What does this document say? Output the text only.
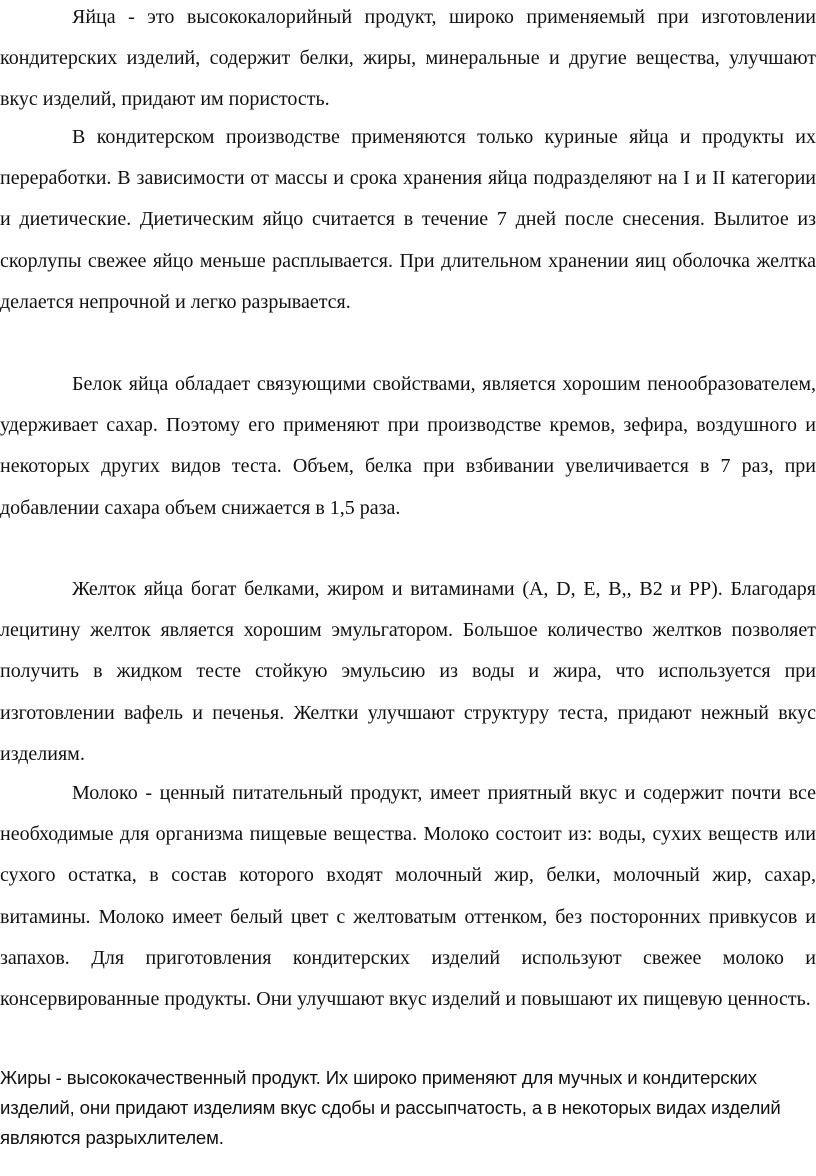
Яйца - это высококалорийный продукт, широко применяемый при изготовлении кондитерских изделий, содержит белки, жиры, минеральные и другие вещества, улучшают вкус изделий, придают им пористость.

В кондитерском производстве применяются только куриные яйца и продукты их переработки. В зависимости от массы и срока хранения яйца подразделяют на I и II категории и диетические. Диетическим яйцо считается в течение 7 дней после снесения. Вылитое из скорлупы свежее яйцо меньше расплывается. При длительном хранении яиц оболочка желтка делается непрочной и легко разрывается.

Белок яйца обладает связующими свойствами, является хорошим пенообразователем, удерживает сахар. Поэтому его применяют при производстве кремов, зефира, воздушного и некоторых других видов теста. Объем, белка при взбивании увеличивается в 7 раз, при добавлении сахара объем снижается в 1,5 раза.

Желток яйца богат белками, жиром и витаминами (А, D, Е, В,, В2 и РР). Благодаря лецитину желток является хорошим эмульгатором. Большое количество желтков позволяет получить в жидком тесте стойкую эмульсию из воды и жира, что используется при изготовлении вафель и печенья. Желтки улучшают структуру теста, придают нежный вкус изделиям.

Молоко - ценный питательный продукт, имеет приятный вкус и содержит почти все необходимые для организма пищевые вещества. Молоко состоит из: воды, сухих веществ или сухого остатка, в состав которого входят молочный жир, белки, молочный жир, сахар, витамины. Молоко имеет белый цвет с желтоватым оттенком, без посторонних привкусов и запахов. Для приготовления кондитерских изделий используют свежее молоко и консервированные продукты. Они улучшают вкус изделий и повышают их пищевую ценность.

Жиры - высококачественный продукт. Их широко применяют для мучных и кондитерских изделий, они придают изделиям вкус сдобы и рассыпчатость, а в некоторых видах изделий являются разрыхлителем.
